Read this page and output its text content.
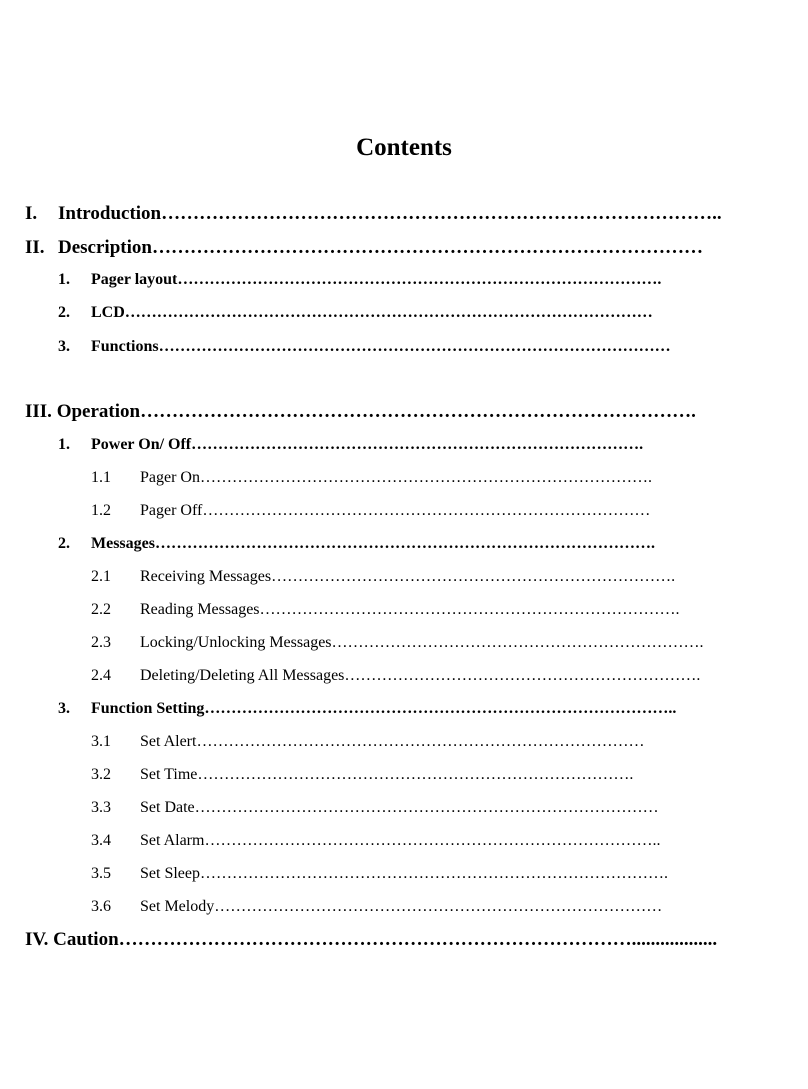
Contents
I. Introduction……………………………………………………………………………..
II. Description……………………………………………………………………………
1. Pager layout……………………………………………………………………………….
2. LCD………………………………………………………………………………………
3. Functions……………………………………………………………………………………
III. Operation…………………………………………………………………………….
1. Power On/ Off………………………………………………………………………….
1.1 Pager On………………………………………………………………………….
1.2 Pager Off…………………………………………………………………………
2. Messages………………………………………………………………………………….
2.1 Receiving Messages………………………………………………………………….
2.2 Reading Messages…………………………………………………………………….
2.3 Locking/Unlocking Messages…………………………………………………………….
2.4 Deleting/Deleting All Messages………………………………………………………….
3. Function Setting……………………………………………………………………………..
3.1 Set Alert…………………………………………………………………………
3.2 Set Time……………………………………………………………………….
3.3 Set Date……………………………………………………………………………
3.4 Set Alarm…………………………………………………………………………..
3.5 Set Sleep…………………………………………………………………………….
3.6 Set Melody…………………………………………………………………………
IV. Caution………………………………………………………………………..................
